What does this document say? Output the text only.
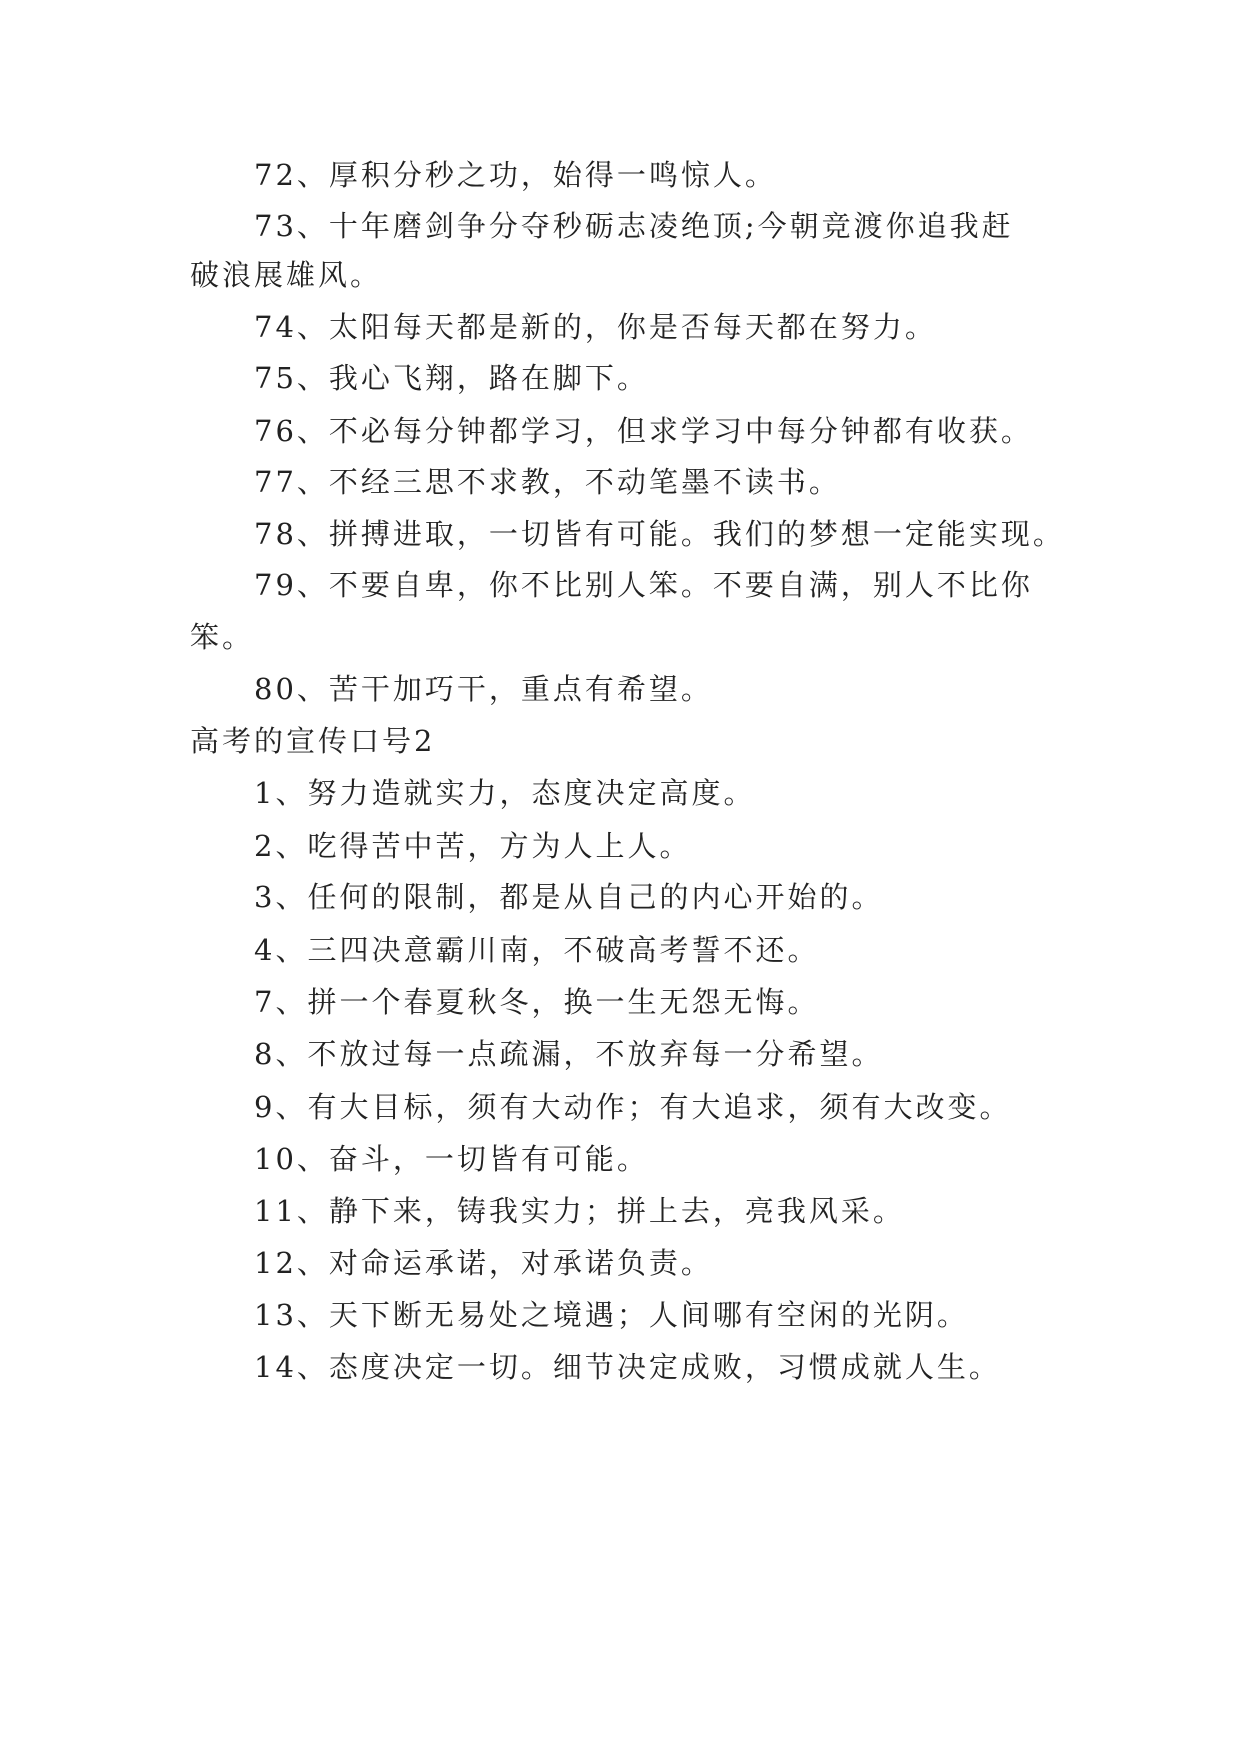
72、厚积分秒之功，始得一鸣惊人。

73、十年磨剑争分夺秒砺志凌绝顶;今朝竞渡你追我赶

破浪展雄风。

74、太阳每天都是新的，你是否每天都在努力。

75、我心飞翔，路在脚下。

76、不必每分钟都学习，但求学习中每分钟都有收获。

77、不经三思不求教，不动笔墨不读书。

78、拼搏进取，一切皆有可能。我们的梦想一定能实现。

79、不要自卑，你不比别人笨。不要自满，别人不比你

笨。

80、苦干加巧干，重点有希望。

高考的宣传口号2

1、努力造就实力，态度决定高度。

2、吃得苦中苦，方为人上人。

3、任何的限制，都是从自己的内心开始的。

4、三四决意霸川南，不破高考誓不还。

7、拼一个春夏秋冬，换一生无怨无悔。

8、不放过每一点疏漏，不放弃每一分希望。

9、有大目标，须有大动作；有大追求，须有大改变。

10、奋斗，一切皆有可能。

11、静下来，铸我实力；拼上去，亮我风采。

12、对命运承诺，对承诺负责。

13、天下断无易处之境遇；人间哪有空闲的光阴。

14、态度决定一切。细节决定成败，习惯成就人生。
